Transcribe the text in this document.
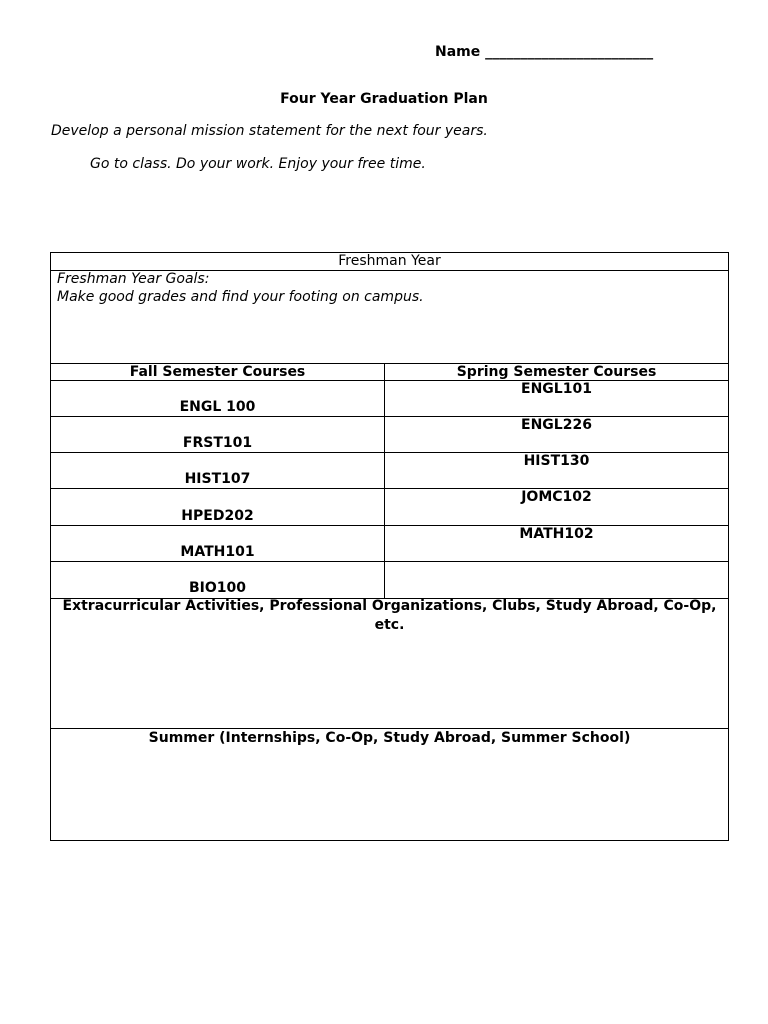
Name ________________________
Four Year Graduation Plan
Develop a personal mission statement for the next four years.
Go to class. Do your work. Enjoy your free time.
Freshman Year
Freshman Year Goals:
Make good grades and find your footing on campus.
Fall Semester Courses	Spring Semester Courses
ENGL 100
FRST101
HIST107
HPED202
MATH101
BIO100
ENGL101
ENGL226
HIST130
JOMC102
MATH102
Extracurricular Activities, Professional Organizations, Clubs, Study Abroad, Co-Op,
etc.
Summer (Internships, Co-Op, Study Abroad, Summer School)
